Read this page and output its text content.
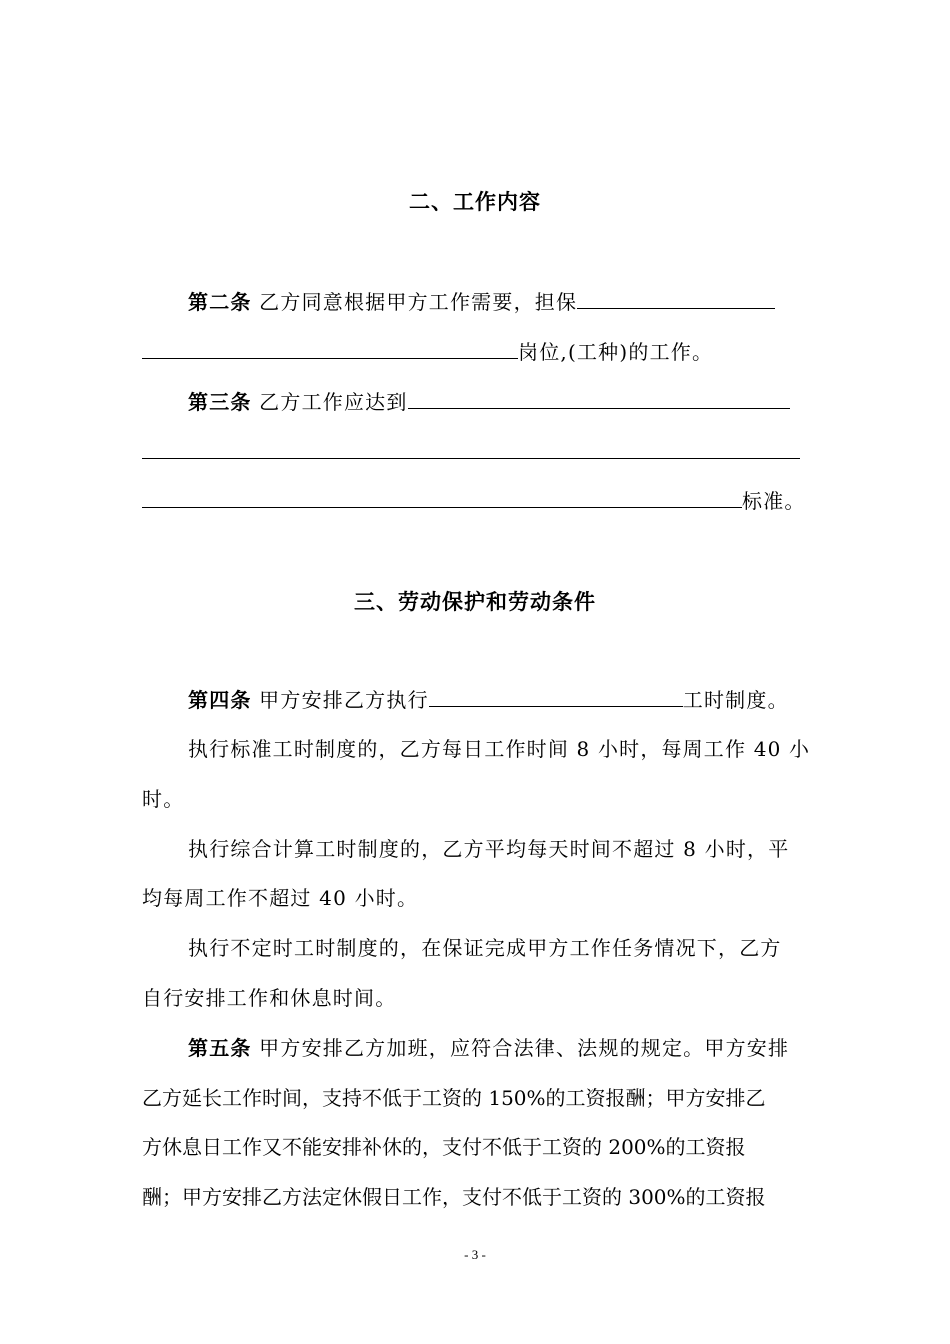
二、工作内容
第二条 乙方同意根据甲方工作需要，担保
岗位,(工种)的工作。
第三条 乙方工作应达到
标准。
三、劳动保护和劳动条件
第四条 甲方安排乙方执行	工时制度。
执行标准工时制度的，乙方每日工作时间 8 小时，每周工作 40 小
时。
执行综合计算工时制度的，乙方平均每天时间不超过 8 小时，平
均每周工作不超过 40 小时。
执行不定时工时制度的，在保证完成甲方工作任务情况下，乙方
自行安排工作和休息时间。
第五条 甲方安排乙方加班，应符合法律、法规的规定。甲方安排
乙方延长工作时间，支持不低于工资的 150%的工资报酬；甲方安排乙
方休息日工作又不能安排补休的，支付不低于工资的 200%的工资报
酬；甲方安排乙方法定休假日工作，支付不低于工资的 300%的工资报
- 3 -
